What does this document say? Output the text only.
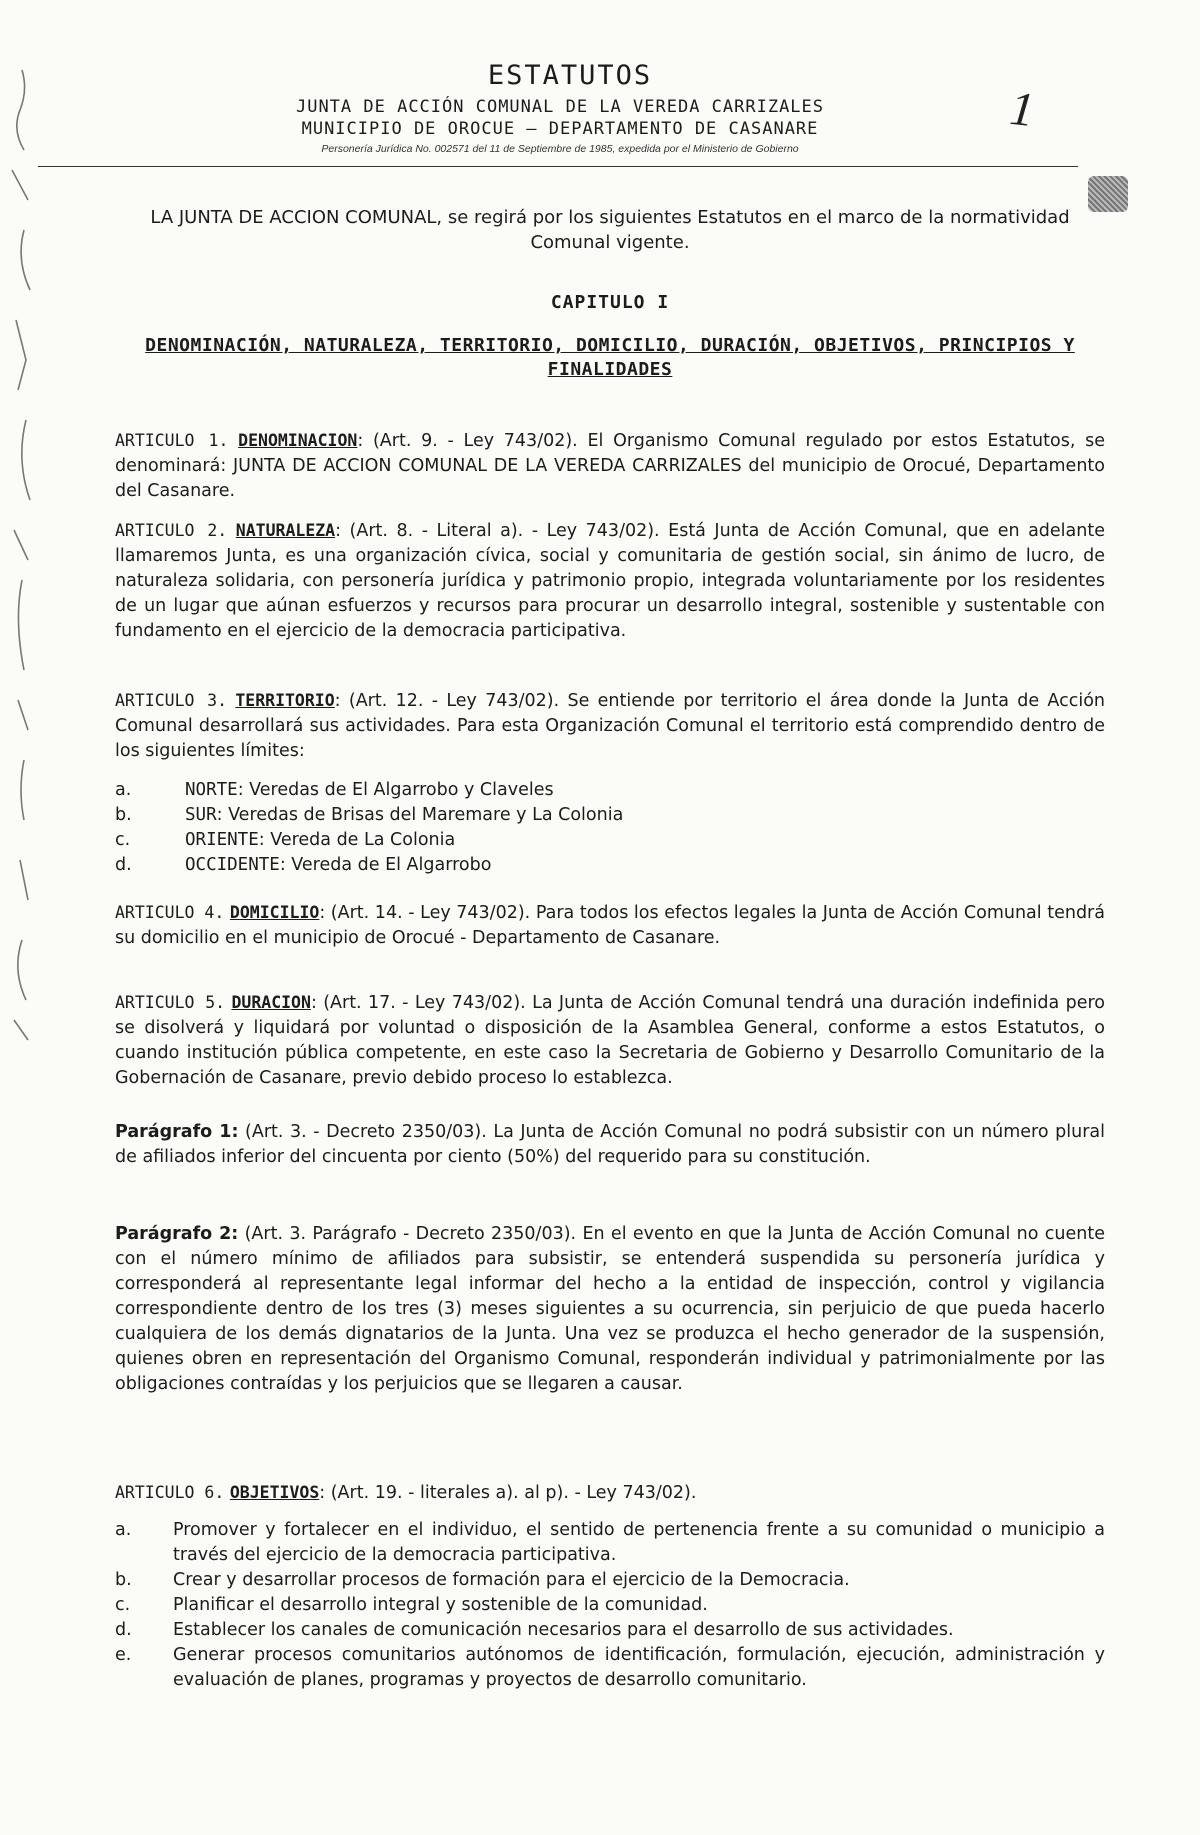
ESTATUTOS
JUNTA DE ACCIÓN COMUNAL DE LA VEREDA CARRIZALES
MUNICIPIO DE OROCUE – DEPARTAMENTO DE CASANARE
Personería Jurídica No. 002571 del 11 de Septiembre de 1985, expedida por el Ministerio de Gobierno
1
LA JUNTA DE ACCION COMUNAL, se regirá por los siguientes Estatutos en el marco de la normatividad Comunal vigente.
CAPITULO I
DENOMINACIÓN, NATURALEZA, TERRITORIO, DOMICILIO, DURACIÓN, OBJETIVOS, PRINCIPIOS Y FINALIDADES
ARTICULO 1. DENOMINACION: (Art. 9. - Ley 743/02). El Organismo Comunal regulado por estos Estatutos, se denominará: JUNTA DE ACCION COMUNAL DE LA VEREDA CARRIZALES del municipio de Orocué, Departamento del Casanare.
ARTICULO 2. NATURALEZA: (Art. 8. - Literal a). - Ley 743/02). Está Junta de Acción Comunal, que en adelante llamaremos Junta, es una organización cívica, social y comunitaria de gestión social, sin ánimo de lucro, de naturaleza solidaria, con personería jurídica y patrimonio propio, integrada voluntariamente por los residentes de un lugar que aúnan esfuerzos y recursos para procurar un desarrollo integral, sostenible y sustentable con fundamento en el ejercicio de la democracia participativa.
ARTICULO 3. TERRITORIO: (Art. 12. - Ley 743/02). Se entiende por territorio el área donde la Junta de Acción Comunal desarrollará sus actividades. Para esta Organización Comunal el territorio está comprendido dentro de los siguientes límites:
a.	NORTE: Veredas de El Algarrobo y Claveles
b.	SUR: Veredas de Brisas del Maremare y La Colonia
c.	ORIENTE: Vereda de La Colonia
d.	OCCIDENTE: Vereda de El Algarrobo
ARTICULO 4. DOMICILIO: (Art. 14. - Ley 743/02). Para todos los efectos legales la Junta de Acción Comunal tendrá su domicilio en el municipio de Orocué - Departamento de Casanare.
ARTICULO 5. DURACION: (Art. 17. - Ley 743/02). La Junta de Acción Comunal tendrá una duración indefinida pero se disolverá y liquidará por voluntad o disposición de la Asamblea General, conforme a estos Estatutos, o cuando institución pública competente, en este caso la Secretaria de Gobierno y Desarrollo Comunitario de la Gobernación de Casanare, previo debido proceso lo establezca.
Parágrafo 1: (Art. 3. - Decreto 2350/03). La Junta de Acción Comunal no podrá subsistir con un número plural de afiliados inferior del cincuenta por ciento (50%) del requerido para su constitución.
Parágrafo 2: (Art. 3. Parágrafo - Decreto 2350/03). En el evento en que la Junta de Acción Comunal no cuente con el número mínimo de afiliados para subsistir, se entenderá suspendida su personería jurídica y corresponderá al representante legal informar del hecho a la entidad de inspección, control y vigilancia correspondiente dentro de los tres (3) meses siguientes a su ocurrencia, sin perjuicio de que pueda hacerlo cualquiera de los demás dignatarios de la Junta. Una vez se produzca el hecho generador de la suspensión, quienes obren en representación del Organismo Comunal, responderán individual y patrimonialmente por las obligaciones contraídas y los perjuicios que se llegaren a causar.
ARTICULO 6. OBJETIVOS: (Art. 19. - literales a). al p). - Ley 743/02).
a. Promover y fortalecer en el individuo, el sentido de pertenencia frente a su comunidad o municipio a través del ejercicio de la democracia participativa.
b. Crear y desarrollar procesos de formación para el ejercicio de la Democracia.
c. Planificar el desarrollo integral y sostenible de la comunidad.
d. Establecer los canales de comunicación necesarios para el desarrollo de sus actividades.
e. Generar procesos comunitarios autónomos de identificación, formulación, ejecución, administración y evaluación de planes, programas y proyectos de desarrollo comunitario.
